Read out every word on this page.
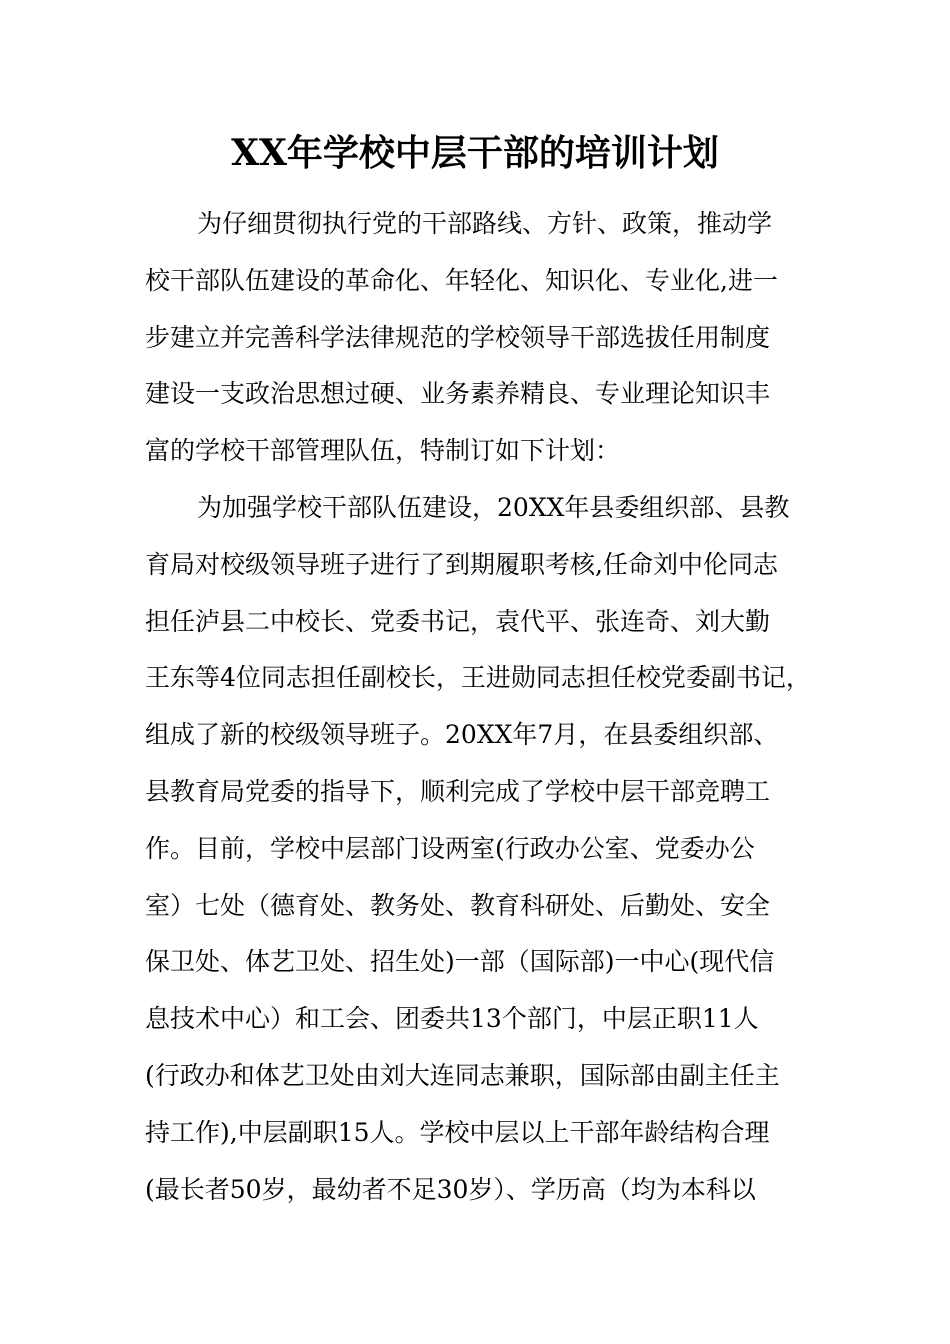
XX年学校中层干部的培训计划
为仔细贯彻执行党的干部路线、方针、政策，推动学
校干部队伍建设的革命化、年轻化、知识化、专业化,进一
步建立并完善科学法律规范的学校领导干部选拔任用制度
建设一支政治思想过硬、业务素养精良、专业理论知识丰
富的学校干部管理队伍，特制订如下计划：
为加强学校干部队伍建设，20XX年县委组织部、县教
育局对校级领导班子进行了到期履职考核,任命刘中伦同志
担任泸县二中校长、党委书记，袁代平、张连奇、刘大勤
王东等4位同志担任副校长，王进勋同志担任校党委副书记，
组成了新的校级领导班子。20XX年7月，在县委组织部、
县教育局党委的指导下，顺利完成了学校中层干部竞聘工
作。目前，学校中层部门设两室(行政办公室、党委办公
室）七处（德育处、教务处、教育科研处、后勤处、安全
保卫处、体艺卫处、招生处)一部（国际部)一中心(现代信
息技术中心）和工会、团委共13个部门，中层正职11人
(行政办和体艺卫处由刘大连同志兼职，国际部由副主任主
持工作),中层副职15人。学校中层以上干部年龄结构合理
(最长者50岁，最幼者不足30岁）、学历高（均为本科以
